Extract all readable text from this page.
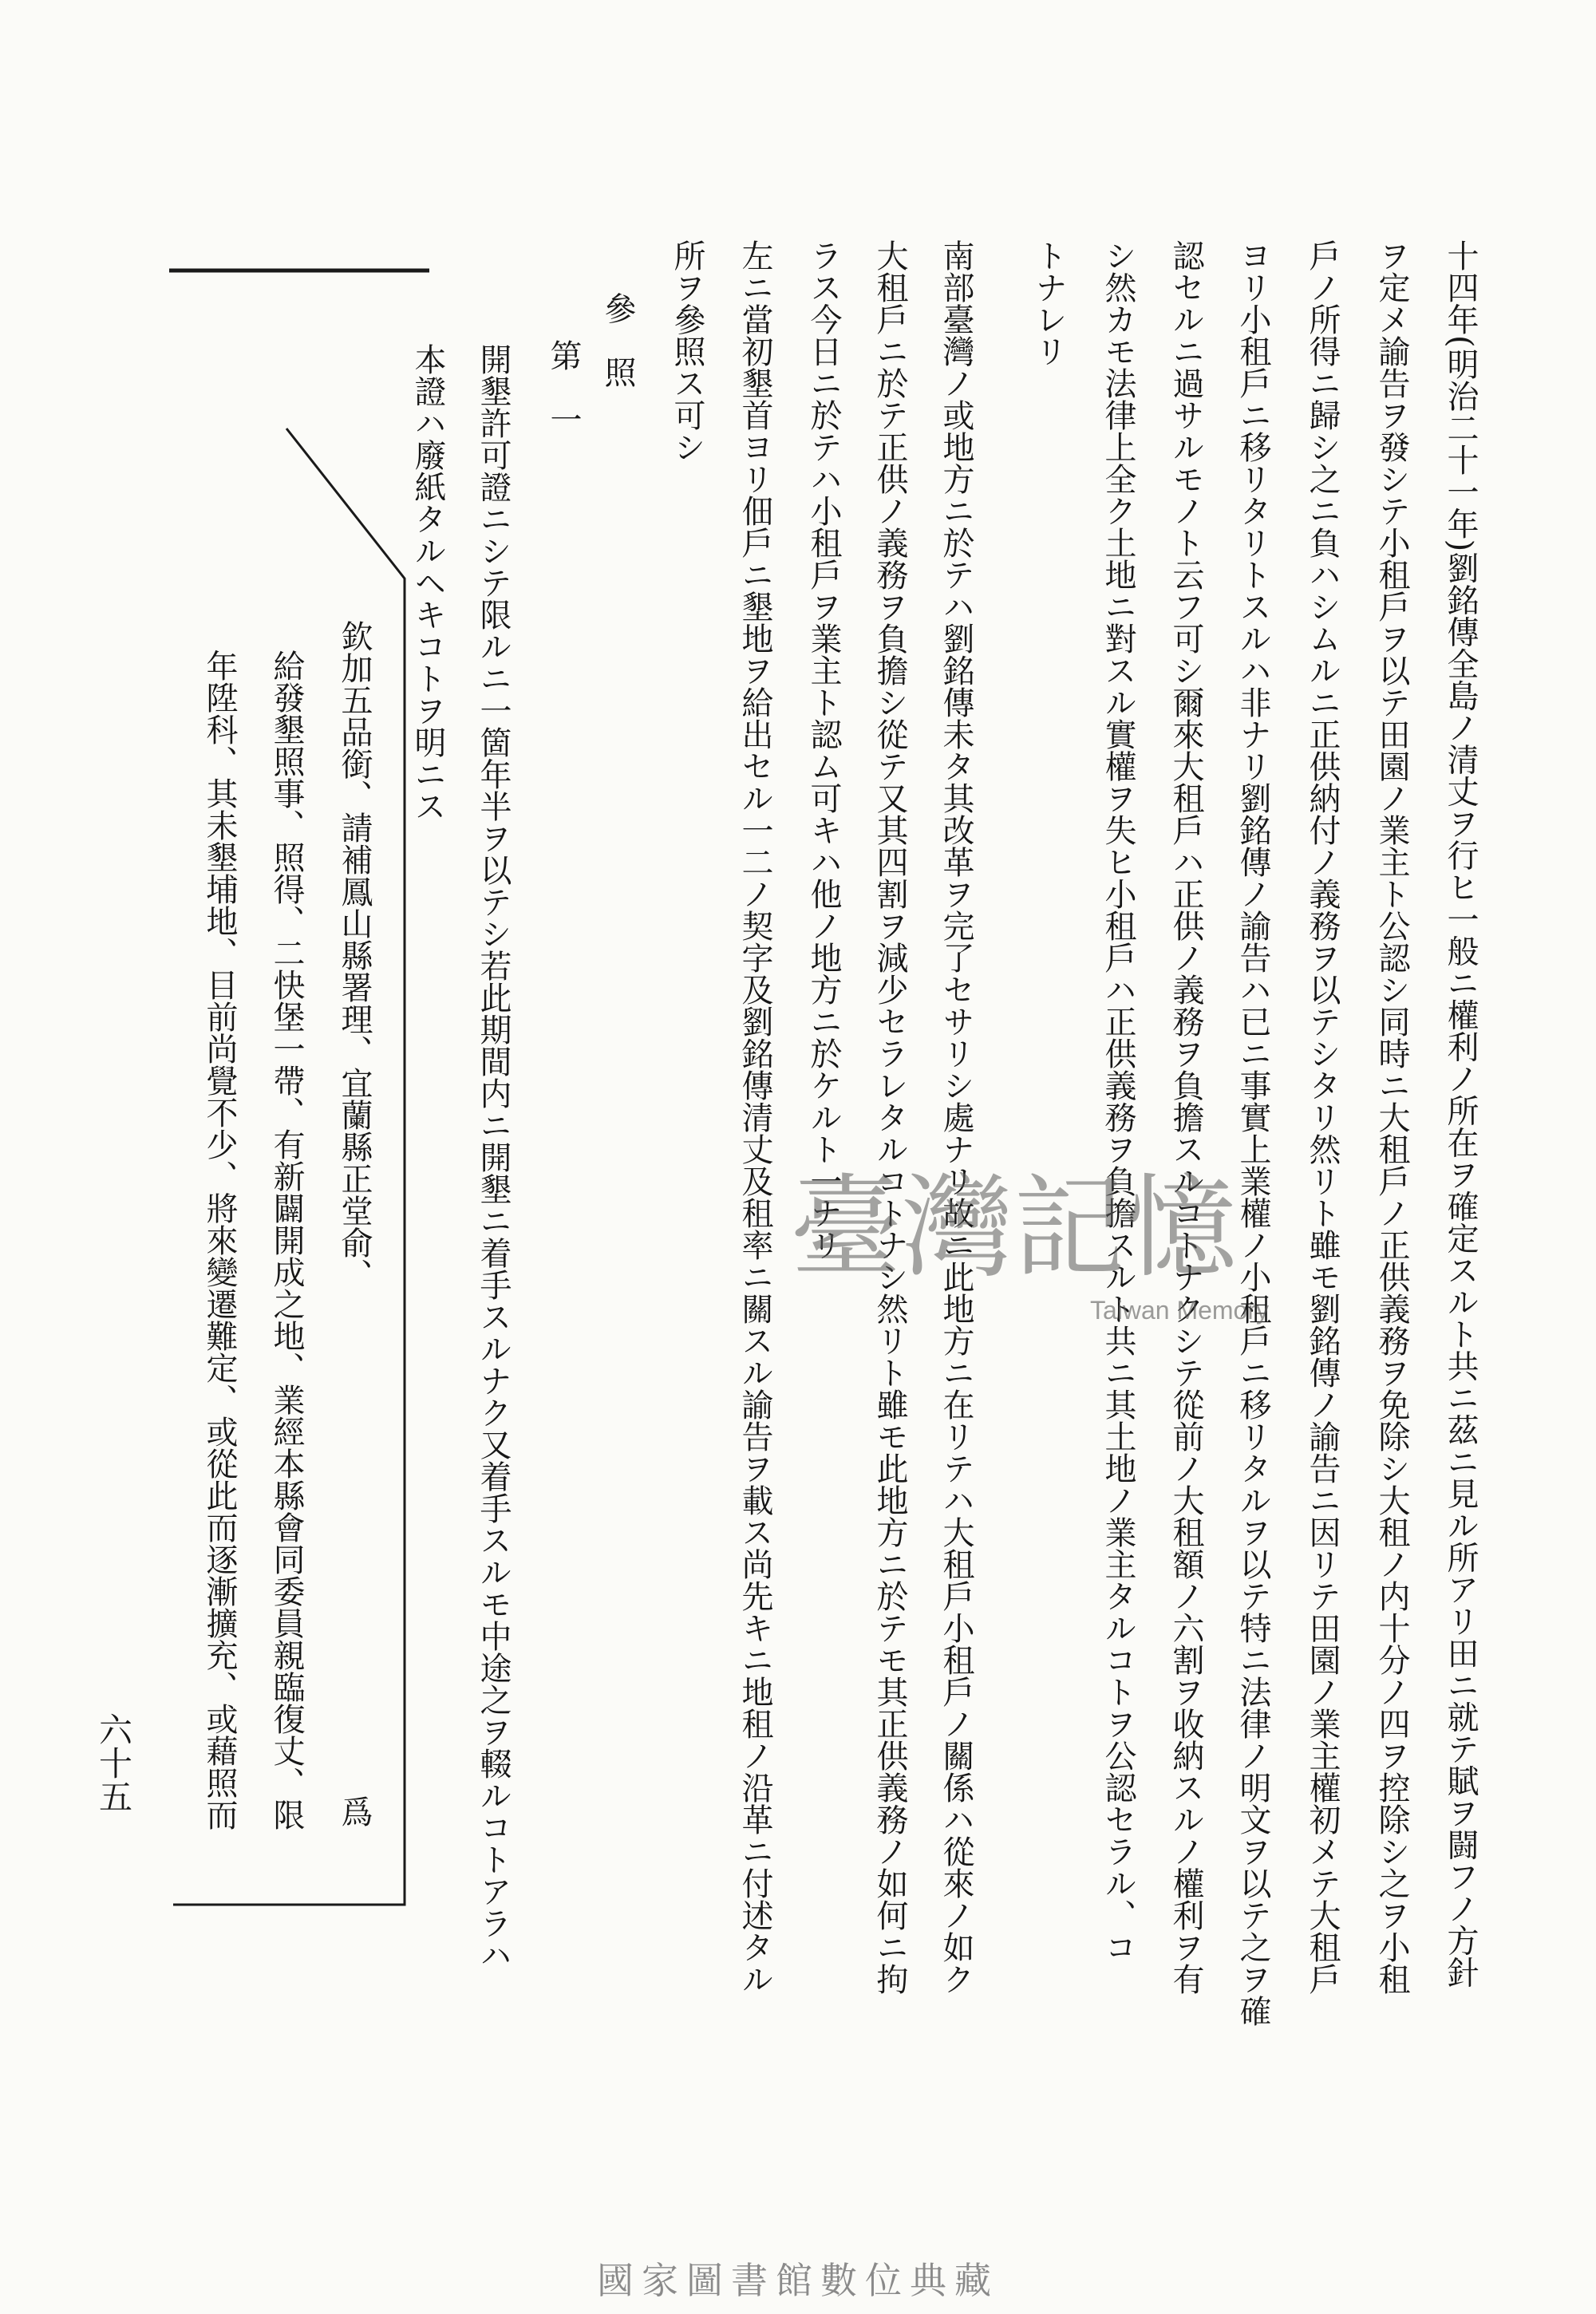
十四年(明治二十一年)劉銘傳全島ノ清丈ヲ行ヒ一般ニ權利ノ所在ヲ確定スルト共ニ茲ニ見ル所アリ田ニ就テ賦ヲ闘フノ方針
ヲ定メ諭告ヲ發シテ小租戶ヲ以テ田園ノ業主ト公認シ同時ニ大租戶ノ正供義務ヲ免除シ大租ノ内十分ノ四ヲ控除シ之ヲ小租
戶ノ所得ニ歸シ之ニ負ハシムルニ正供納付ノ義務ヲ以テシタリ然リト雖モ劉銘傳ノ諭告ニ因リテ田園ノ業主權初メテ大租戶
ヨリ小租戶ニ移リタリトスルハ非ナリ劉銘傳ノ諭告ハ已ニ事實上業權ノ小租戶ニ移リタルヲ以テ特ニ法律ノ明文ヲ以テ之ヲ確
認セルニ過サルモノト云フ可シ爾來大租戶ハ正供ノ義務ヲ負擔スルコトナクシテ從前ノ大租額ノ六割ヲ收納スルノ權利ヲ有
シ然カモ法律上全ク土地ニ對スル實權ヲ失ヒ小租戶ハ正供義務ヲ負擔スルト共ニ其土地ノ業主タルコトヲ公認セラル、コ
トナレリ
南部臺灣ノ或地方ニ於テハ劉銘傳未タ其改革ヲ完了セサリシ處ナリ故ニ此地方ニ在リテハ大租戶小租戶ノ關係ハ從來ノ如ク
大租戶ニ於テ正供ノ義務ヲ負擔シ從テ又其四割ヲ減少セラレタルコトナシ然リト雖モ此地方ニ於テモ其正供義務ノ如何ニ拘
ラス今日ニ於テハ小租戶ヲ業主ト認ム可キハ他ノ地方ニ於ケルト一ナリ
左ニ當初墾首ヨリ佃戶ニ墾地ヲ給出セル一二ノ契字及劉銘傳清丈及租率ニ關スル諭告ヲ載ス尚先キニ地租ノ沿革ニ付述タル
所ヲ參照ス可シ
參　照
第　一
開墾許可證ニシテ限ルニ一箇年半ヲ以テシ若此期間内ニ開墾ニ着手スルナク又着手スルモ中途之ヲ輟ルコトアラハ
本證ハ廢紙タルヘキコトヲ明ニス
欽加五品銜、請補鳳山縣署理、宜蘭縣正堂俞、
爲
給發墾照事、照得、二快堡一帶、有新闢開成之地、業經本縣會同委員親臨復丈、限
年陞科、其未墾埔地、目前尚覺不少、將來變遷難定、或從此而逐漸擴充、或藉照而
六十五
臺灣記憶
Taiwan Memory
國家圖書館數位典藏
